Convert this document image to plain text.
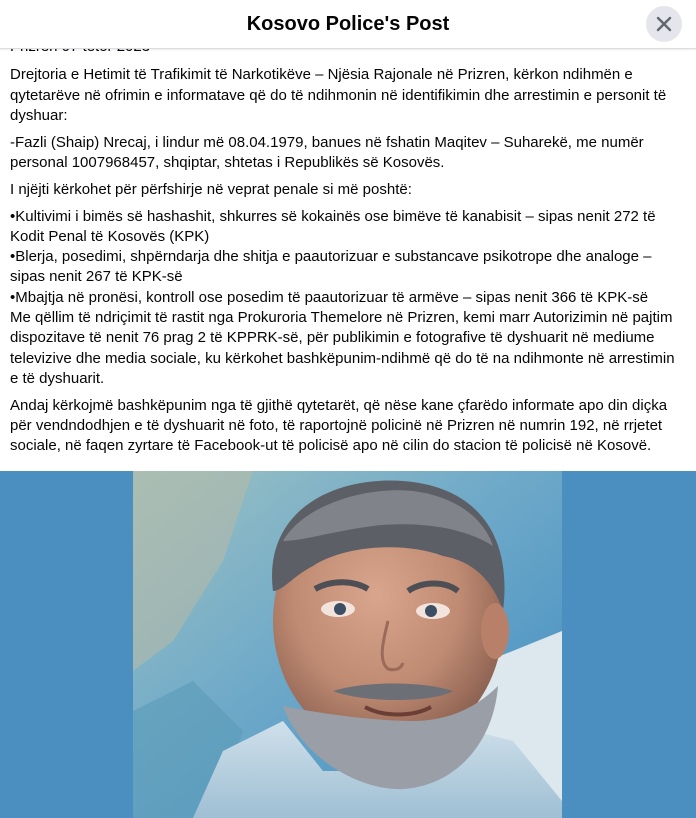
Drejtoria e Hetimit të Trafikimit të Narkotikëve – Njësia Rajonale në Prizren, kërkon ndihmën e qytetarëve në ofrimin e informatave që do të ndihmonin në identifikimin dhe arrestimin e personit të dyshuar:

-Fazli (Shaip) Nrecaj, i lindur më 08.04.1979, banues në fshatin Maqitev – Suharekë, me numër personal 1007968457, shqiptar, shtetas i Republikës së Kosovës.

I njëjti kërkohet për përfshirje në veprat penale si më poshtë:

•Kultivimi i bimës së hashashit, shkurres së kokainës ose bimëve të kanabisit – sipas nenit 272 të Kodit Penal të Kosovës (KPK)

•Blerja, posedimi, shpërndarja dhe shitja e paautorizuar e substancave psikotrope dhe analoge – sipas nenit 267 të KPK-së

•Mbajtja në pronësi, kontroll ose posedim të paautorizuar të armëve – sipas nenit 366 të KPK-së

Me qëllim të ndriçimit të rastit nga Prokuroria Themelore në Prizren, kemi marr Autorizimin në pajtim dispozitave të nenit 76 prag 2 të KPPRK-së, për publikimin e fotografive të dyshuarit në mediume televizive dhe media sociale, ku kërkohet bashkëpunim-ndihmë që do të na ndihmonte në arrestimin e të dyshuarit.

Andaj kërkojmë bashkëpunim nga të gjithë qytetarët, që nëse kane çfarëdo informate apo din diçka për vendndodhjen e të dyshuarit në foto, të raportojnë policinë në Prizren në numrin 192, në rrjetet sociale, në faqen zyrtare të Facebook-ut të policisë apo në cilin do stacion të policisë në Kosovë.

Kosovo Police's Post
